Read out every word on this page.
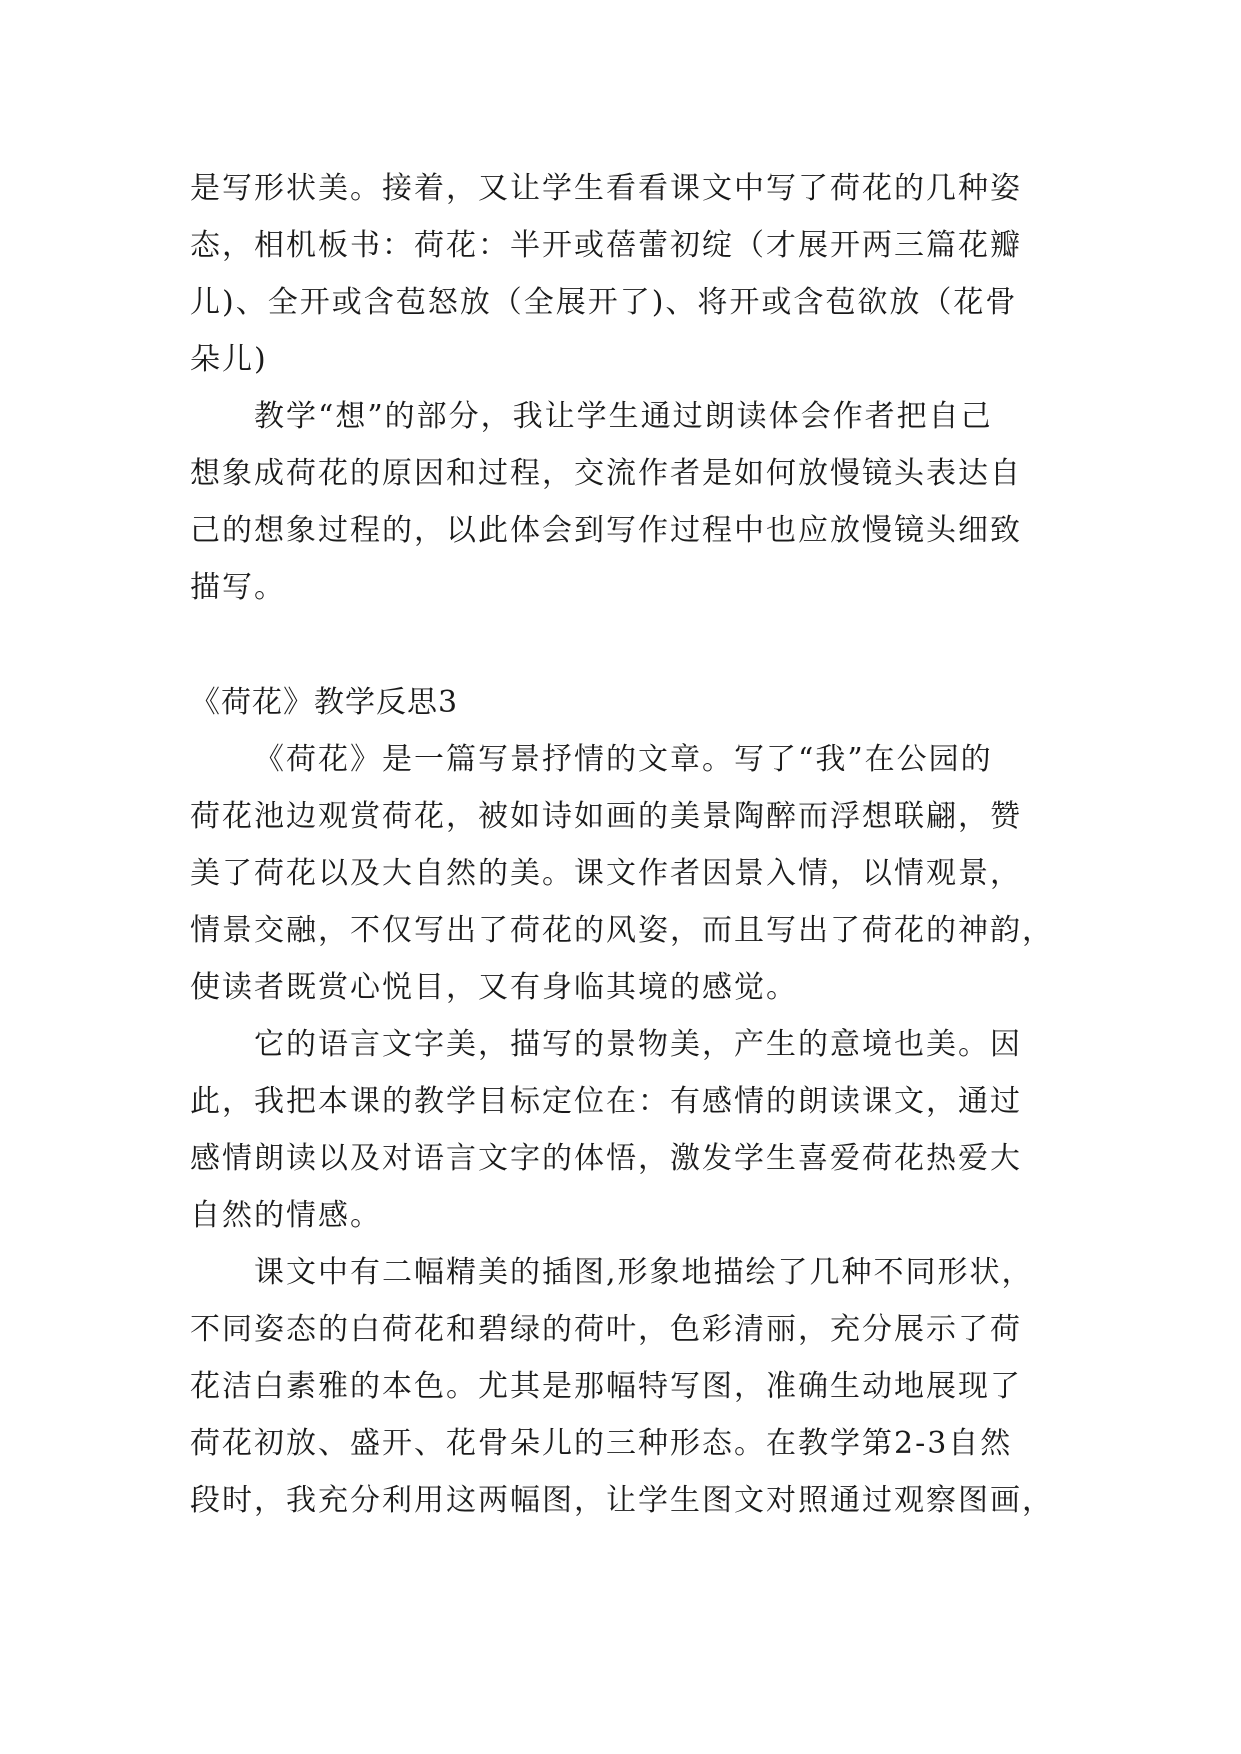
是写形状美。接着，又让学生看看课文中写了荷花的几种姿
态，相机板书：荷花：半开或蓓蕾初绽（才展开两三篇花瓣
儿)、全开或含苞怒放（全展开了)、将开或含苞欲放（花骨
朵儿)
教学“想”的部分，我让学生通过朗读体会作者把自己
想象成荷花的原因和过程，交流作者是如何放慢镜头表达自
己的想象过程的，以此体会到写作过程中也应放慢镜头细致
描写。
《荷花》教学反思3
《荷花》是一篇写景抒情的文章。写了“我”在公园的
荷花池边观赏荷花，被如诗如画的美景陶醉而浮想联翩，赞
美了荷花以及大自然的美。课文作者因景入情，以情观景，
情景交融，不仅写出了荷花的风姿，而且写出了荷花的神韵，
使读者既赏心悦目，又有身临其境的感觉。
它的语言文字美，描写的景物美，产生的意境也美。因
此，我把本课的教学目标定位在：有感情的朗读课文，通过
感情朗读以及对语言文字的体悟，激发学生喜爱荷花热爱大
自然的情感。
课文中有二幅精美的插图,形象地描绘了几种不同形状，
不同姿态的白荷花和碧绿的荷叶，色彩清丽，充分展示了荷
花洁白素雅的本色。尤其是那幅特写图，准确生动地展现了
荷花初放、盛开、花骨朵儿的三种形态。在教学第2-3自然
段时，我充分利用这两幅图，让学生图文对照通过观察图画，
